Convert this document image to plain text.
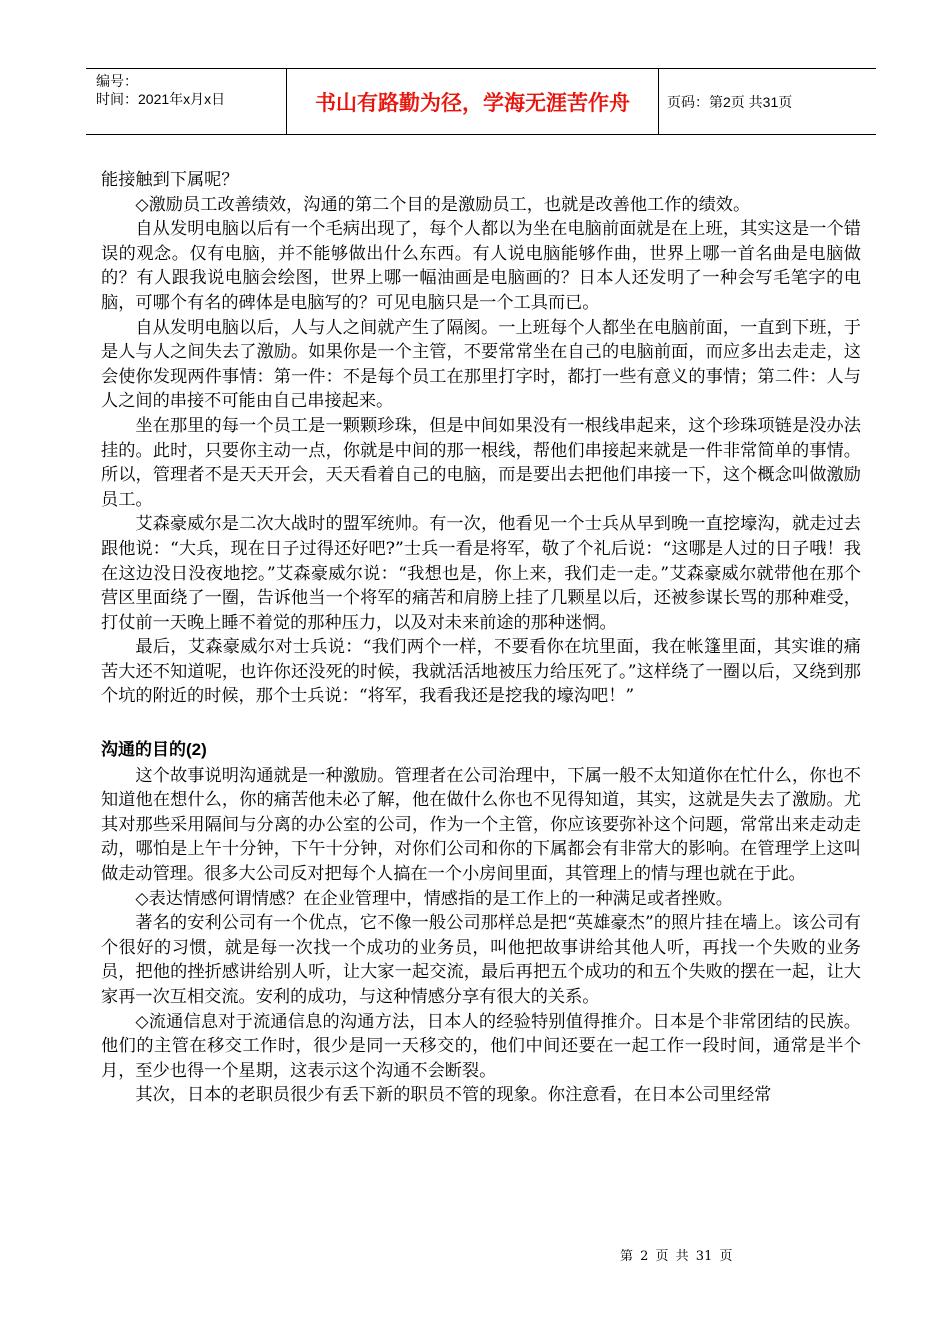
编号：
时间：2021年x月x日	书山有路勤为径，学海无涯苦作舟	页码：第2页 共31页

能接触到下属呢？

◇激励员工改善绩效，沟通的第二个目的是激励员工，也就是改善他工作的绩效。

自从发明电脑以后有一个毛病出现了，每个人都以为坐在电脑前面就是在上班，其实这是一个错误的观念。仅有电脑，并不能够做出什么东西。有人说电脑能够作曲，世界上哪一首名曲是电脑做的？有人跟我说电脑会绘图，世界上哪一幅油画是电脑画的？日本人还发明了一种会写毛笔字的电脑，可哪个有名的碑体是电脑写的？可见电脑只是一个工具而已。

自从发明电脑以后，人与人之间就产生了隔阂。一上班每个人都坐在电脑前面，一直到下班，于是人与人之间失去了激励。如果你是一个主管，不要常常坐在自己的电脑前面，而应多出去走走，这会使你发现两件事情：第一件：不是每个员工在那里打字时，都打一些有意义的事情；第二件：人与人之间的串接不可能由自己串接起来。

坐在那里的每一个员工是一颗颗珍珠，但是中间如果没有一根线串起来，这个珍珠项链是没办法挂的。此时，只要你主动一点，你就是中间的那一根线，帮他们串接起来就是一件非常简单的事情。所以，管理者不是天天开会，天天看着自己的电脑，而是要出去把他们串接一下，这个概念叫做激励员工。

艾森豪威尔是二次大战时的盟军统帅。有一次，他看见一个士兵从早到晚一直挖壕沟，就走过去跟他说：“大兵，现在日子过得还好吧?”士兵一看是将军，敬了个礼后说：“这哪是人过的日子哦！我在这边没日没夜地挖。”艾森豪威尔说：“我想也是，你上来，我们走一走。”艾森豪威尔就带他在那个营区里面绕了一圈，告诉他当一个将军的痛苦和肩膀上挂了几颗星以后，还被参谋长骂的那种难受，打仗前一天晚上睡不着觉的那种压力，以及对未来前途的那种迷惘。

最后，艾森豪威尔对士兵说：“我们两个一样，不要看你在坑里面，我在帐篷里面，其实谁的痛苦大还不知道呢，也许你还没死的时候，我就活活地被压力给压死了。”这样绕了一圈以后，又绕到那个坑的附近的时候，那个士兵说：“将军，我看我还是挖我的壕沟吧！”

沟通的目的(2)

这个故事说明沟通就是一种激励。管理者在公司治理中，下属一般不太知道你在忙什么，你也不知道他在想什么，你的痛苦他未必了解，他在做什么你也不见得知道，其实，这就是失去了激励。尤其对那些采用隔间与分离的办公室的公司，作为一个主管，你应该要弥补这个问题，常常出来走动走动，哪怕是上午十分钟，下午十分钟，对你们公司和你的下属都会有非常大的影响。在管理学上这叫做走动管理。很多大公司反对把每个人搞在一个小房间里面，其管理上的情与理也就在于此。

◇表达情感何谓情感？在企业管理中，情感指的是工作上的一种满足或者挫败。

著名的安利公司有一个优点，它不像一般公司那样总是把“英雄豪杰”的照片挂在墙上。该公司有个很好的习惯，就是每一次找一个成功的业务员，叫他把故事讲给其他人听，再找一个失败的业务员，把他的挫折感讲给别人听，让大家一起交流，最后再把五个成功的和五个失败的摆在一起，让大家再一次互相交流。安利的成功，与这种情感分享有很大的关系。

◇流通信息对于流通信息的沟通方法，日本人的经验特别值得推介。日本是个非常团结的民族。他们的主管在移交工作时，很少是同一天移交的，他们中间还要在一起工作一段时间，通常是半个月，至少也得一个星期，这表示这个沟通不会断裂。

其次，日本的老职员很少有丢下新的职员不管的现象。你注意看，在日本公司里经常

第 2 页 共 31 页
